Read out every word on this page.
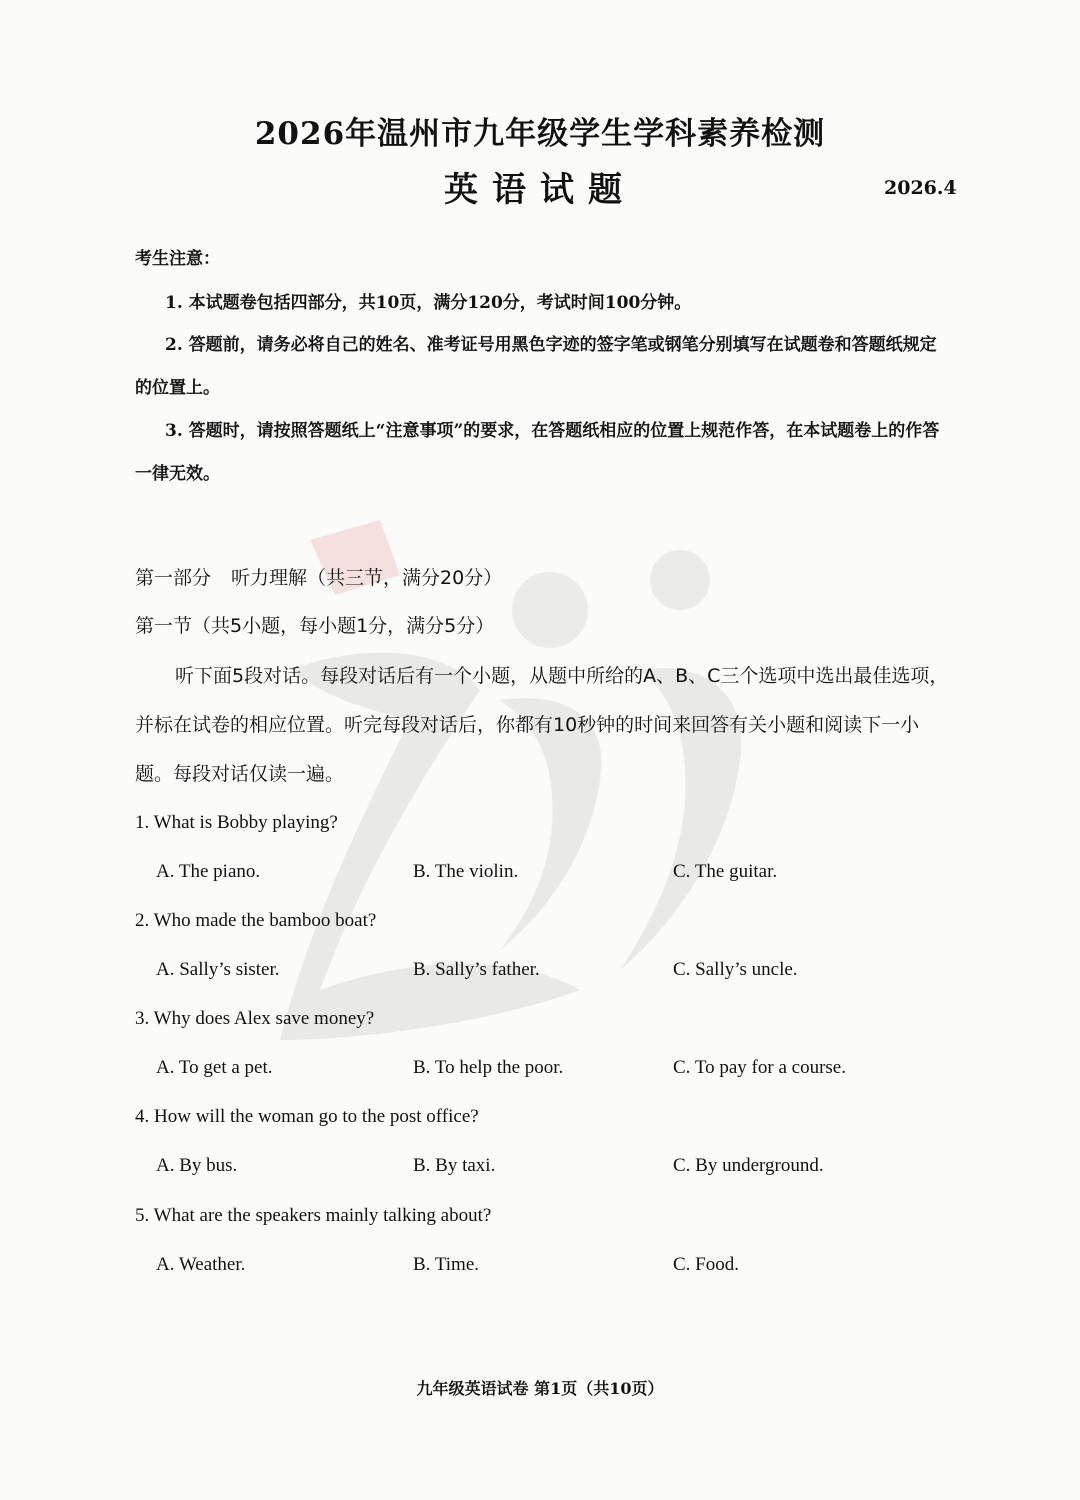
2026年温州市九年级学生学科素养检测
英语试题	2026.4
考生注意：
1. 本试题卷包括四部分，共10页，满分120分，考试时间100分钟。
2. 答题前，请务必将自己的姓名、准考证号用黑色字迹的签字笔或钢笔分别填写在试题卷和答题纸规定的位置上。
3. 答题时，请按照答题纸上“注意事项”的要求，在答题纸相应的位置上规范作答，在本试题卷上的作答一律无效。
第一部分 听力理解（共三节，满分20分）
第一节（共5小题，每小题1分，满分5分）
听下面5段对话。每段对话后有一个小题，从题中所给的A、B、C三个选项中选出最佳选项，并标在试卷的相应位置。听完每段对话后，你都有10秒钟的时间来回答有关小题和阅读下一小题。每段对话仅读一遍。
1. What is Bobby playing?
A. The piano.	B. The violin.	C. The guitar.
2. Who made the bamboo boat?
A. Sally’s sister.	B. Sally’s father.	C. Sally’s uncle.
3. Why does Alex save money?
A. To get a pet.	B. To help the poor.	C. To pay for a course.
4. How will the woman go to the post office?
A. By bus.	B. By taxi.	C. By underground.
5. What are the speakers mainly talking about?
A. Weather.	B. Time.	C. Food.
九年级英语试卷 第1页（共10页）
